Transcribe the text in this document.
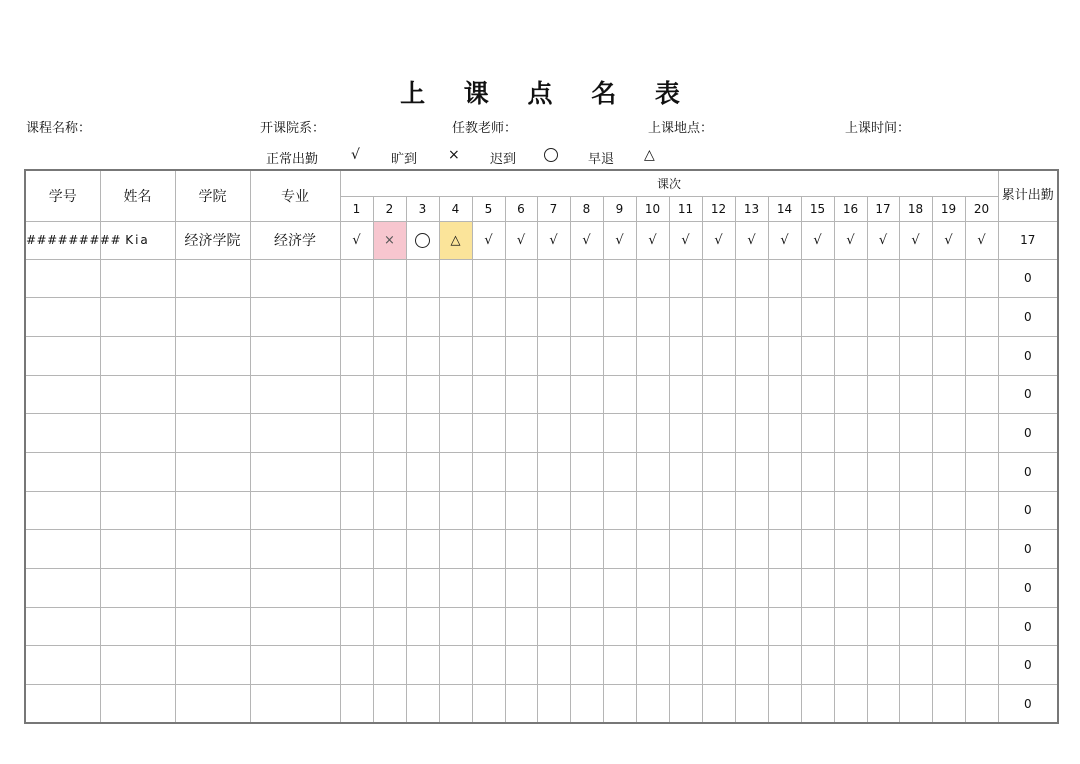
上 课 点 名 表
课程名称：	开课院系：	任教老师：	上课地点：	上课时间：
正常出勤 √ 旷到 × 迟到	早退 △
学号	姓名	学院	专业	课次																				累计出勤
				1	2	3	4	5	6	7	8	9	10	11	12	13	14	15	16	17	18	19	20	
#########	Kia	经济学院	经济学	√	×		△	√	√	√	√	√	√	√	√	√	√	√	√	√	√	√	√	17
																								0
																								0
																								0
																								0
																								0
																								0
																								0
																								0
																								0
																								0
																								0
																								0
